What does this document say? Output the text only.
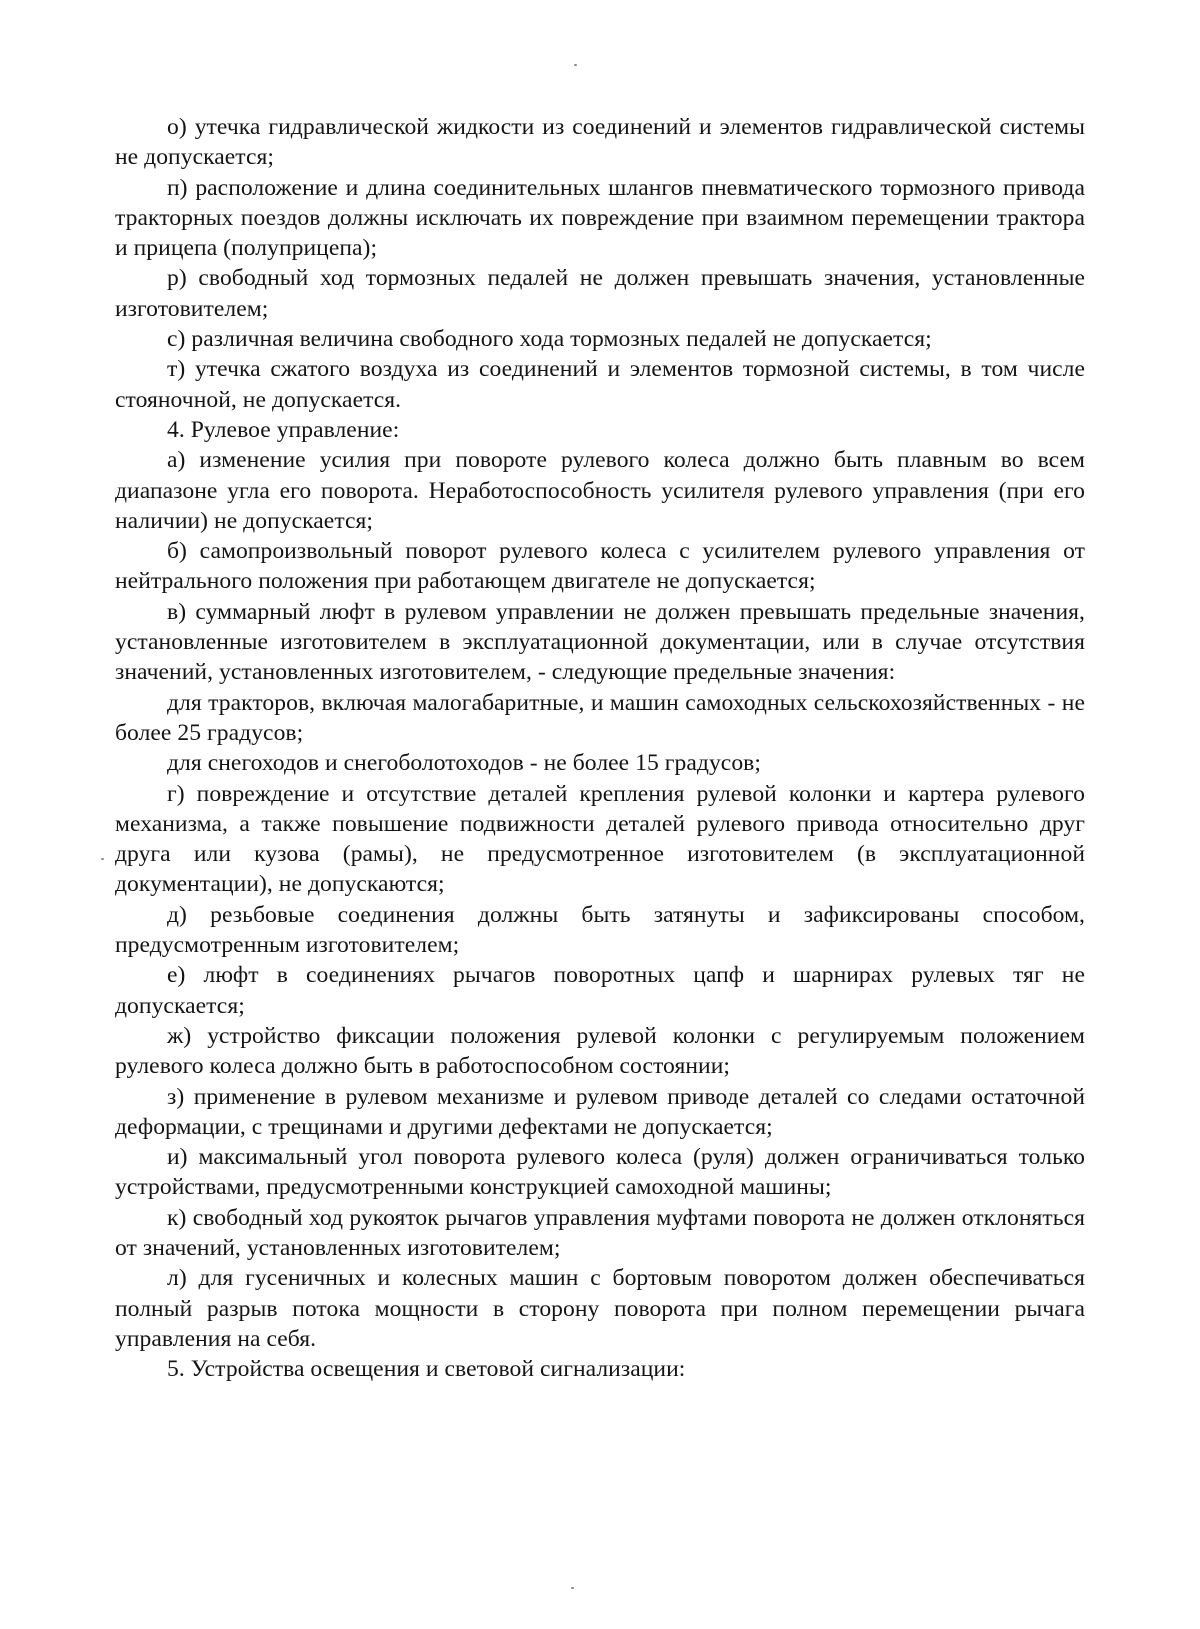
о) утечка гидравлической жидкости из соединений и элементов гидравлической системы не допускается;

п) расположение и длина соединительных шлангов пневматического тормозного привода тракторных поездов должны исключать их повреждение при взаимном перемещении трактора и прицепа (полуприцепа);

р) свободный ход тормозных педалей не должен превышать значения, установленные изготовителем;

с) различная величина свободного хода тормозных педалей не допускается;

т) утечка сжатого воздуха из соединений и элементов тормозной системы, в том числе стояночной, не допускается.

4. Рулевое управление:

а) изменение усилия при повороте рулевого колеса должно быть плавным во всем диапазоне угла его поворота. Неработоспособность усилителя рулевого управления (при его наличии) не допускается;

б) самопроизвольный поворот рулевого колеса с усилителем рулевого управления от нейтрального положения при работающем двигателе не допускается;

в) суммарный люфт в рулевом управлении не должен превышать предельные значения, установленные изготовителем в эксплуатационной документации, или в случае отсутствия значений, установленных изготовителем, - следующие предельные значения:

для тракторов, включая малогабаритные, и машин самоходных сельскохозяйственных - не более 25 градусов;

для снегоходов и снегоболотоходов - не более 15 градусов;

г) повреждение и отсутствие деталей крепления рулевой колонки и картера рулевого механизма, а также повышение подвижности деталей рулевого привода относительно друг друга или кузова (рамы), не предусмотренное изготовителем (в эксплуатационной документации), не допускаются;

д) резьбовые соединения должны быть затянуты и зафиксированы способом, предусмотренным изготовителем;

е) люфт в соединениях рычагов поворотных цапф и шарнирах рулевых тяг не допускается;

ж) устройство фиксации положения рулевой колонки с регулируемым положением рулевого колеса должно быть в работоспособном состоянии;

з) применение в рулевом механизме и рулевом приводе деталей со следами остаточной деформации, с трещинами и другими дефектами не допускается;

и) максимальный угол поворота рулевого колеса (руля) должен ограничиваться только устройствами, предусмотренными конструкцией самоходной машины;

к) свободный ход рукояток рычагов управления муфтами поворота не должен отклоняться от значений, установленных изготовителем;

л) для гусеничных и колесных машин с бортовым поворотом должен обеспечиваться полный разрыв потока мощности в сторону поворота при полном перемещении рычага управления на себя.

5. Устройства освещения и световой сигнализации:
